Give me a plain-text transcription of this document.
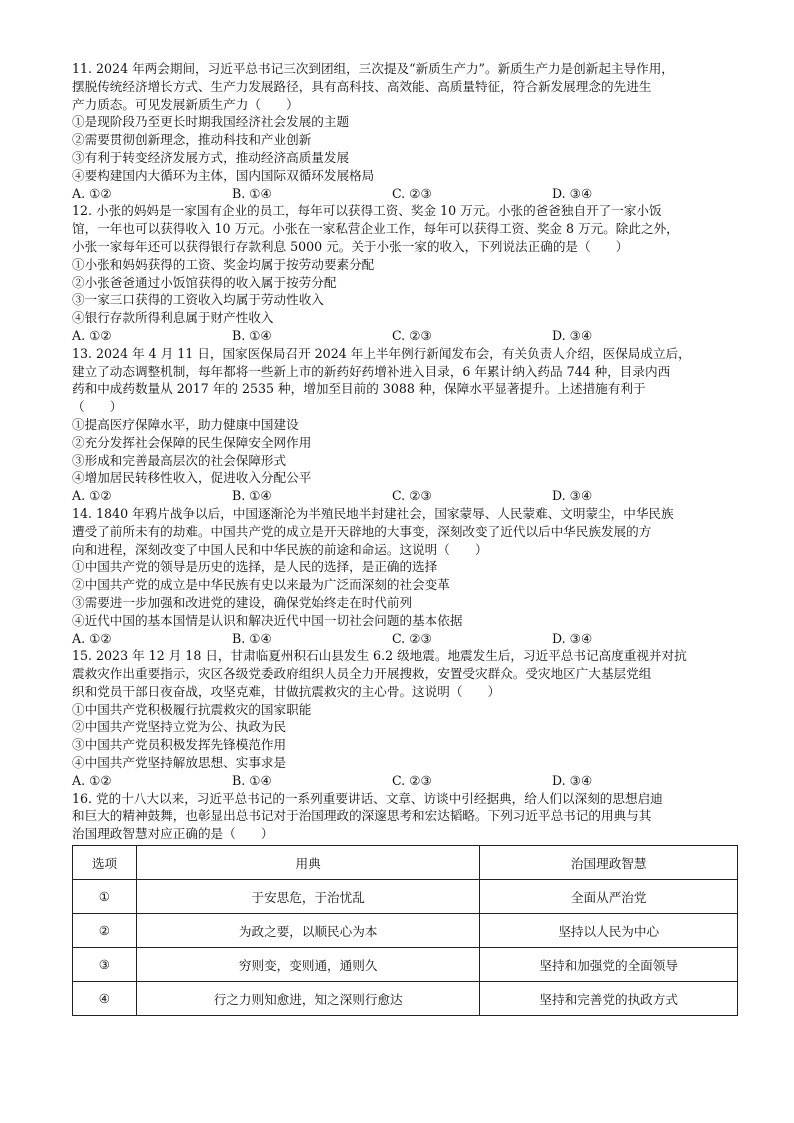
11. 2024 年两会期间，习近平总书记三次到团组，三次提及“新质生产力”。新质生产力是创新起主导作用，
摆脱传统经济增长方式、生产力发展路径，具有高科技、高效能、高质量特征，符合新发展理念的先进生
产力质态。可见发展新质生产力（　　）
①是现阶段乃至更长时期我国经济社会发展的主题
②需要贯彻创新理念，推动科技和产业创新
③有利于转变经济发展方式，推动经济高质量发展
④要构建国内大循环为主体，国内国际双循环发展格局
A. ①②	B. ①④	C. ②③	D. ③④
12. 小张的妈妈是一家国有企业的员工，每年可以获得工资、奖金 10 万元。小张的爸爸独自开了一家小饭
馆，一年也可以获得收入 10 万元。小张在一家私营企业工作，每年可以获得工资、奖金 8 万元。除此之外，
小张一家每年还可以获得银行存款利息 5000 元。关于小张一家的收入，下列说法正确的是（　　）
①小张和妈妈获得的工资、奖金均属于按劳动要素分配
②小张爸爸通过小饭馆获得的收入属于按劳分配
③一家三口获得的工资收入均属于劳动性收入
④银行存款所得利息属于财产性收入
A. ①②	B. ①④	C. ②③	D. ③④
13. 2024 年 4 月 11 日，国家医保局召开 2024 年上半年例行新闻发布会，有关负责人介绍，医保局成立后，
建立了动态调整机制，每年都将一些新上市的新药好药增补进入目录，6 年累计纳入药品 744 种，目录内西
药和中成药数量从 2017 年的 2535 种，增加至目前的 3088 种，保障水平显著提升。上述措施有利于
（　　）
①提高医疗保障水平，助力健康中国建设
②充分发挥社会保障的民生保障安全网作用
③形成和完善最高层次的社会保障形式
④增加居民转移性收入，促进收入分配公平
A. ①②	B. ①④	C. ②③	D. ③④
14. 1840 年鸦片战争以后，中国逐渐沦为半殖民地半封建社会，国家蒙辱、人民蒙难、文明蒙尘，中华民族
遭受了前所未有的劫难。中国共产党的成立是开天辟地的大事变，深刻改变了近代以后中华民族发展的方
向和进程，深刻改变了中国人民和中华民族的前途和命运。这说明（　　）
①中国共产党的领导是历史的选择，是人民的选择，是正确的选择
②中国共产党的成立是中华民族有史以来最为广泛而深刻的社会变革
③需要进一步加强和改进党的建设，确保党始终走在时代前列
④近代中国的基本国情是认识和解决近代中国一切社会问题的基本依据
A. ①②	B. ①④	C. ②③	D. ③④
15. 2023 年 12 月 18 日，甘肃临夏州积石山县发生 6.2 级地震。地震发生后，习近平总书记高度重视并对抗
震救灾作出重要指示，灾区各级党委政府组织人员全力开展搜救，安置受灾群众。受灾地区广大基层党组
织和党员干部日夜奋战，攻坚克难，甘做抗震救灾的主心骨。这说明（　　）
①中国共产党积极履行抗震救灾的国家职能
②中国共产党坚持立党为公、执政为民
③中国共产党员积极发挥先锋模范作用
④中国共产党坚持解放思想、实事求是
A. ①②	B. ①④	C. ②③	D. ③④
16. 党的十八大以来，习近平总书记的一系列重要讲话、文章、访谈中引经据典，给人们以深刻的思想启迪
和巨大的精神鼓舞，也彰显出总书记对于治国理政的深邃思考和宏达韬略。下列习近平总书记的用典与其
治国理政智慧对应正确的是（　　）
选项	用典	治国理政智慧
①	于安思危，于治忧乱	全面从严治党
②	为政之要，以顺民心为本	坚持以人民为中心
③	穷则变，变则通，通则久	坚持和加强党的全面领导
④	行之力则知愈进，知之深则行愈达	坚持和完善党的执政方式
